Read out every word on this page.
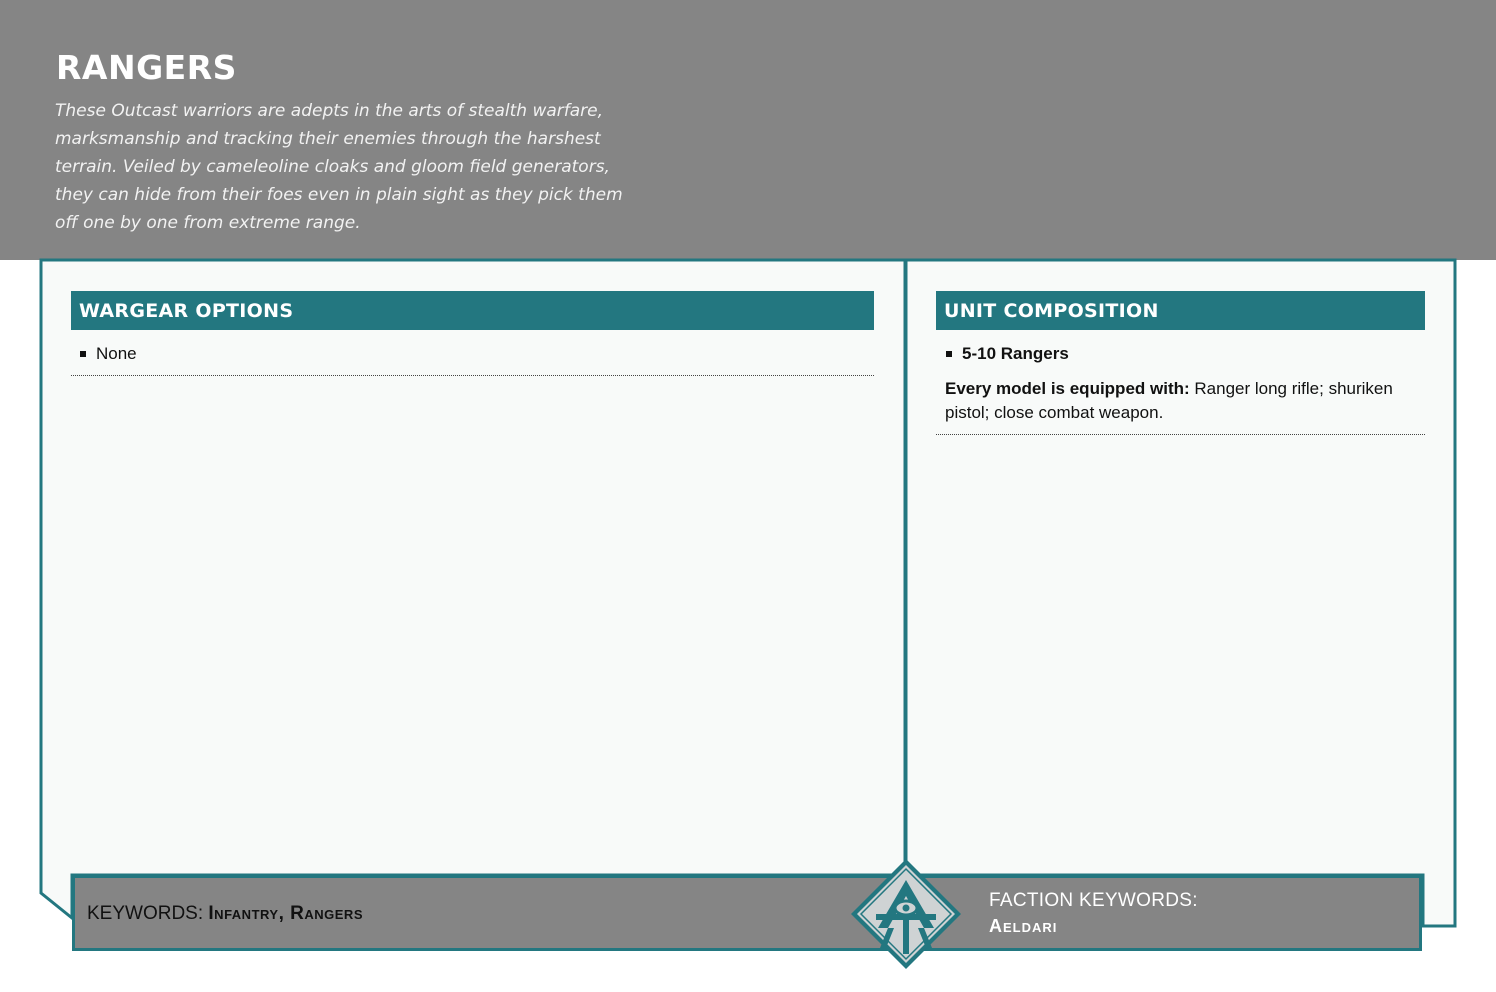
RANGERS

These Outcast warriors are adepts in the arts of stealth warfare, marksmanship and tracking their enemies through the harshest terrain. Veiled by cameleoline cloaks and gloom field generators, they can hide from their foes even in plain sight as they pick them off one by one from extreme range.

WARGEAR OPTIONS
None
UNIT COMPOSITION
5-10 Rangers

Every model is equipped with: Ranger long rifle; shuriken pistol; close combat weapon.

KEYWORDS: Infantry, Rangers
FACTION KEYWORDS:
Aeldari
